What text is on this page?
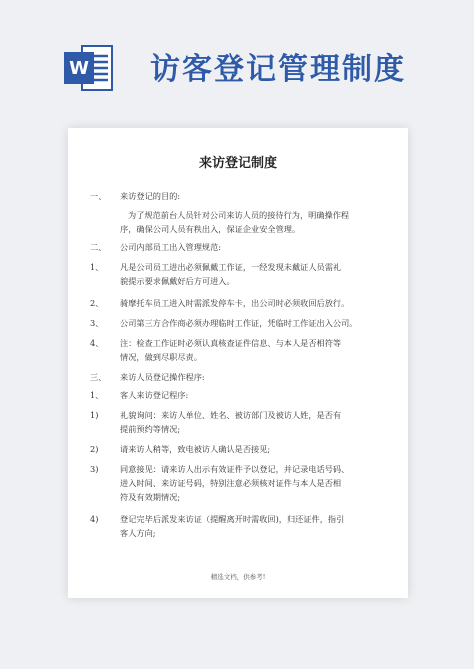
W 访客登记管理制度
来访登记制度
一、 来访登记的目的:
为了规范前台人员针对公司来访人员的接待行为，明确操作程
序，确保公司人员有秩出入，保证企业安全管理。
二、 公司内部员工出入管理规范:
1、 凡是公司员工进出必须佩戴工作证，一经发现未戴证人员需礼
貌提示要求佩戴好后方可进入。
2、 骑摩托车员工进入时需派发停车卡，出公司时必须收回后放行。
3、 公司第三方合作商必须办理临时工作证，凭临时工作证出入公司。
4、 注：检查工作证时必须认真核查证件信息、与本人是否相符等
情况，做到尽职尽责。
三、 来访人员登记操作程序:
1、 客人来访登记程序:
1)	礼貌询问：来访人单位、姓名、被访部门及被访人姓，是否有
提前预约等情况;
2)	请来访人稍等，致电被访人确认是否接见;
3)	同意接见：请来访人出示有效证件予以登记，并记录电话号码、
进入时间、来访证号码，特别注意必须核对证件与本人是否相
符及有效期情况;
4)	登记完毕后派发来访证（提醒离开时需收回)，归还证件，指引
客人方向;
精选文档，供参考!
